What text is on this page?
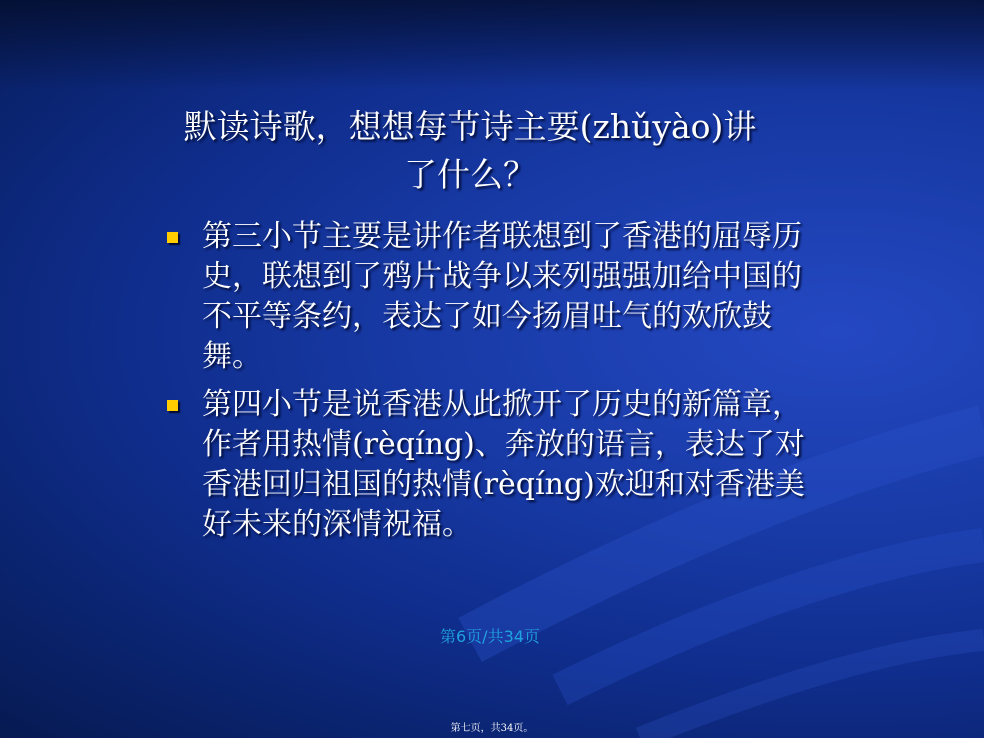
默读诗歌，想想每节诗主要(zhǔyào)讲
了什么？
第三小节主要是讲作者联想到了香港的屈辱历史，联想到了鸦片战争以来列强强加给中国的不平等条约，表达了如今扬眉吐气的欢欣鼓舞。
第四小节是说香港从此掀开了历史的新篇章，作者用热情(rèqíng)、奔放的语言，表达了对香港回归祖国的热情(rèqíng)欢迎和对香港美好未来的深情祝福。
第6页/共34页
第七页，共34页。
